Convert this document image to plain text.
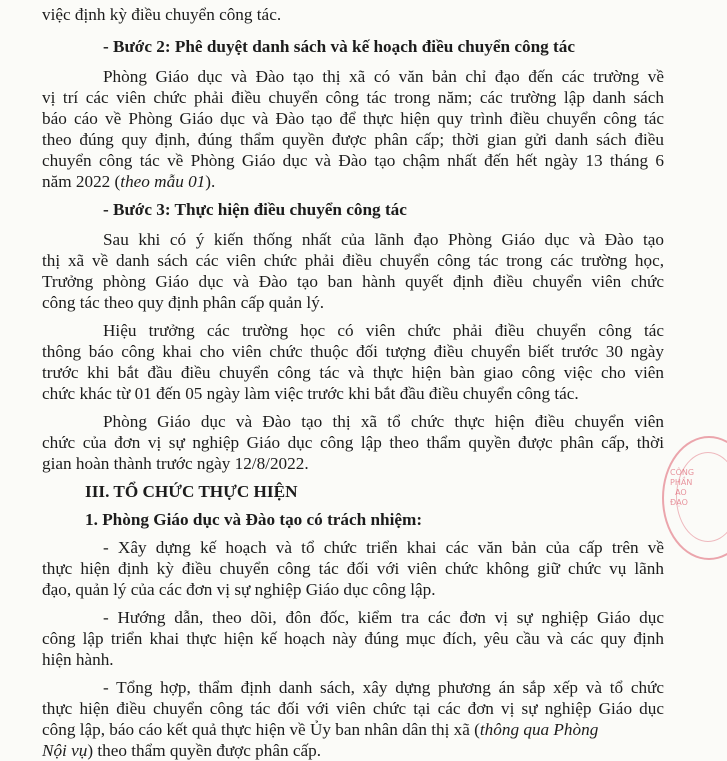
việc định kỳ điều chuyển công tác.
- Bước 2: Phê duyệt danh sách và kế hoạch điều chuyển công tác
Phòng Giáo dục và Đào tạo thị xã có văn bản chỉ đạo đến các trường về
vị trí các viên chức phải điều chuyển công tác trong năm; các trường lập danh sách
báo cáo về Phòng Giáo dục và Đào tạo để thực hiện quy trình điều chuyển công tác
theo đúng quy định, đúng thẩm quyền được phân cấp; thời gian gửi danh sách điều
chuyển công tác về Phòng Giáo dục và Đào tạo chậm nhất đến hết ngày 13 tháng 6
năm 2022 (theo mẫu 01).
- Bước 3: Thực hiện điều chuyển công tác
Sau khi có ý kiến thống nhất của lãnh đạo Phòng Giáo dục và Đào tạo
thị xã về danh sách các viên chức phải điều chuyển công tác trong các trường học,
Trưởng phòng Giáo dục và Đào tạo ban hành quyết định điều chuyển viên chức
công tác theo quy định phân cấp quản lý.
Hiệu trưởng các trường học có viên chức phải điều chuyển công tác
thông báo công khai cho viên chức thuộc đối tượng điều chuyển biết trước 30 ngày
trước khi bắt đầu điều chuyển công tác và thực hiện bàn giao công việc cho viên
chức khác từ 01 đến 05 ngày làm việc trước khi bắt đầu điều chuyển công tác.
Phòng Giáo dục và Đào tạo thị xã tổ chức thực hiện điều chuyển viên
chức của đơn vị sự nghiệp Giáo dục công lập theo thẩm quyền được phân cấp, thời
gian hoàn thành trước ngày 12/8/2022.
III. TỔ CHỨC THỰC HIỆN
1. Phòng Giáo dục và Đào tạo có trách nhiệm:
- Xây dựng kế hoạch và tổ chức triển khai các văn bản của cấp trên về
thực hiện định kỳ điều chuyển công tác đối với viên chức không giữ chức vụ lãnh
đạo, quản lý của các đơn vị sự nghiệp Giáo dục công lập.
- Hướng dẫn, theo dõi, đôn đốc, kiểm tra các đơn vị sự nghiệp Giáo dục
công lập triển khai thực hiện kế hoạch này đúng mục đích, yêu cầu và các quy định
hiện hành.
- Tổng hợp, thẩm định danh sách, xây dựng phương án sắp xếp và tổ chức
thực hiện điều chuyển công tác đối với viên chức tại các đơn vị sự nghiệp Giáo dục
công lập, báo cáo kết quả thực hiện về Ủy ban nhân dân thị xã (thông qua Phòng
Nội vụ) theo thẩm quyền được phân cấp.
CÔNG
PHẦN
AO
ĐẠO
